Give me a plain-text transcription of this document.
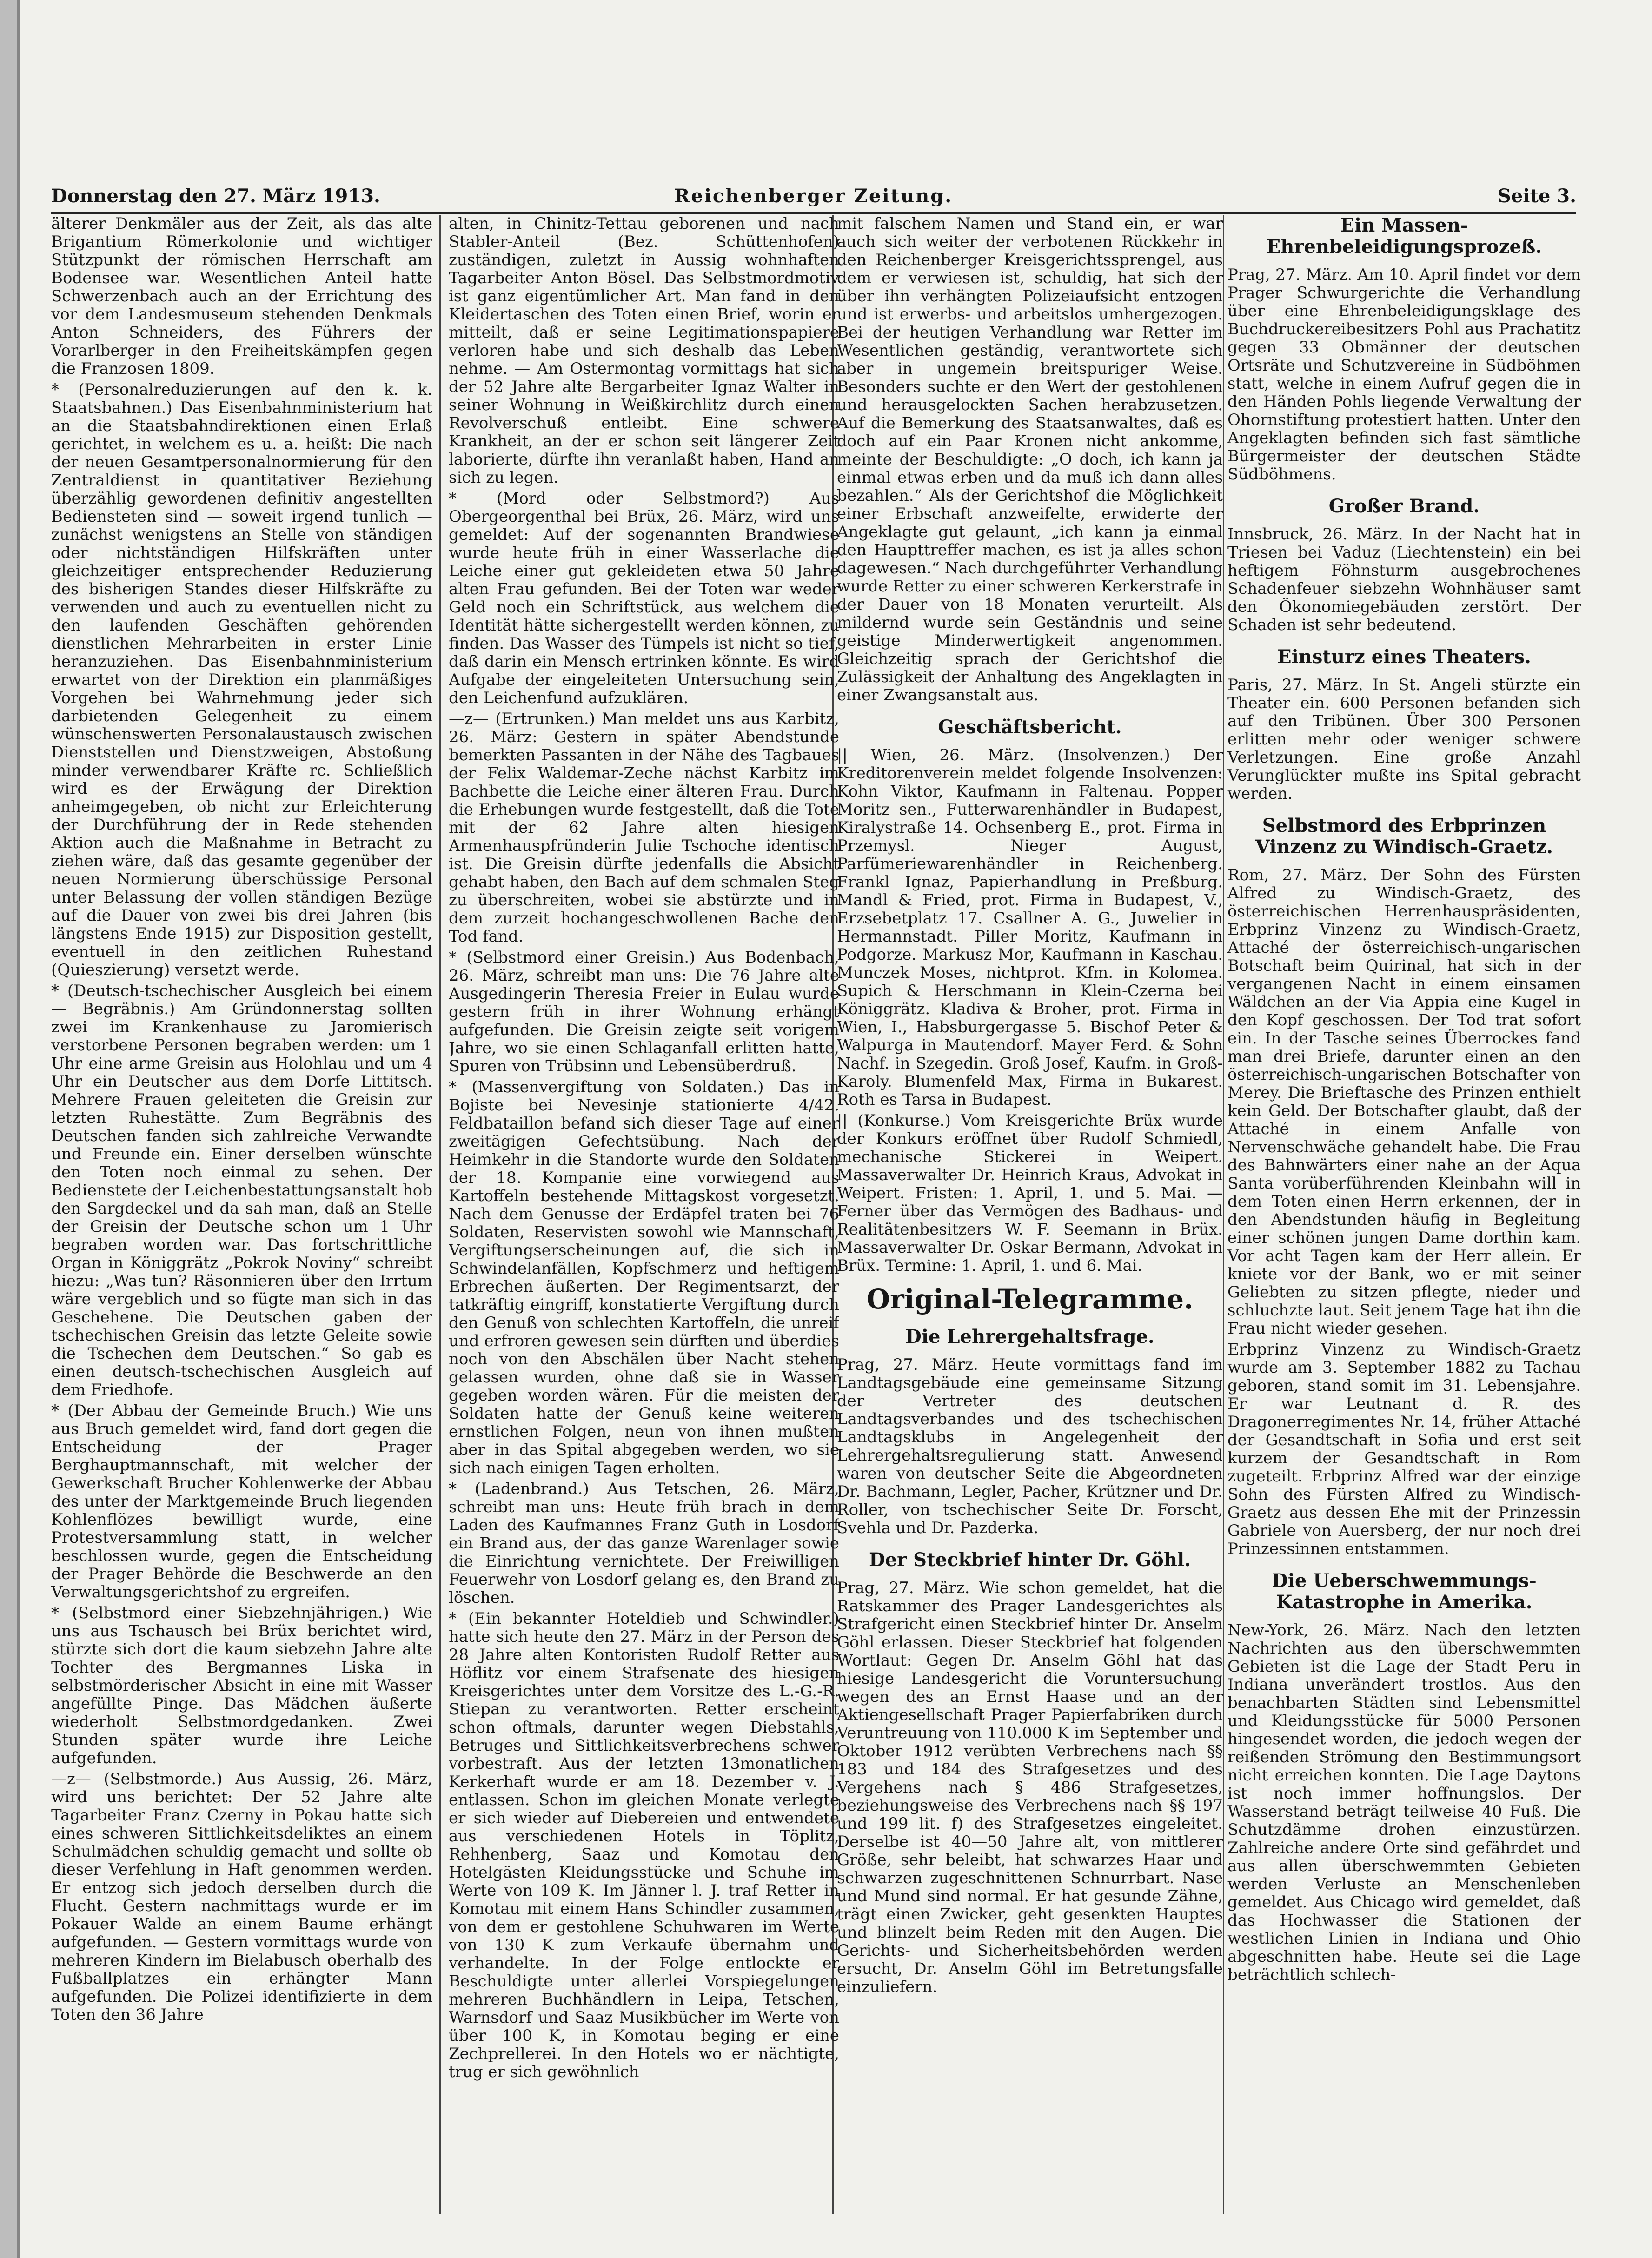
Donnerstag den 27. März 1913.	Reichenberger Zeitung.	Seite 3.

älterer Denkmäler aus der Zeit, als das alte Brigantium Römerkolonie und wichtiger Stützpunkt der römischen Herrschaft am Bodensee war. Wesentlichen Anteil hatte Schwerzenbach auch an der Errichtung des vor dem Landesmuseum stehenden Denkmals Anton Schneiders, des Führers der Vorarlberger in den Freiheitskämpfen gegen die Franzosen 1809.

* (Personalreduzierungen auf den k. k. Staatsbahnen.) Das Eisenbahnministerium hat an die Staatsbahndirektionen einen Erlaß gerichtet, in welchem es u. a. heißt: Die nach der neuen Gesamtpersonalnormierung für den Zentraldienst in quantitativer Beziehung überzählig gewordenen definitiv angestellten Bediensteten sind — soweit irgend tunlich — zunächst wenigstens an Stelle von ständigen oder nichtständigen Hilfskräften unter gleichzeitiger entsprechender Reduzierung des bisherigen Standes dieser Hilfskräfte zu verwenden und auch zu eventuellen nicht zu den laufenden Geschäften gehörenden dienstlichen Mehrarbeiten in erster Linie heranzuziehen. Das Eisenbahnministerium erwartet von der Direktion ein planmäßiges Vorgehen bei Wahrnehmung jeder sich darbietenden Gelegenheit zu einem wünschenswerten Personalaustausch zwischen Dienststellen und Dienstzweigen, Abstoßung minder verwendbarer Kräfte rc. Schließlich wird es der Erwägung der Direktion anheimgegeben, ob nicht zur Erleichterung der Durchführung der in Rede stehenden Aktion auch die Maßnahme in Betracht zu ziehen wäre, daß das gesamte gegenüber der neuen Normierung überschüssige Personal unter Belassung der vollen ständigen Bezüge auf die Dauer von zwei bis drei Jahren (bis längstens Ende 1915) zur Disposition gestellt, eventuell in den zeitlichen Ruhestand (Quieszierung) versetzt werde.

* (Deutsch-tschechischer Ausgleich bei einem — Begräbnis.) Am Gründonnerstag sollten zwei im Krankenhause zu Jaromierisch verstorbene Personen begraben werden: um 1 Uhr eine arme Greisin aus Holohlau und um 4 Uhr ein Deutscher aus dem Dorfe Littitsch. Mehrere Frauen geleiteten die Greisin zur letzten Ruhestätte. Zum Begräbnis des Deutschen fanden sich zahlreiche Verwandte und Freunde ein. Einer derselben wünschte den Toten noch einmal zu sehen. Der Bedienstete der Leichenbestattungsanstalt hob den Sargdeckel und da sah man, daß an Stelle der Greisin der Deutsche schon um 1 Uhr begraben worden war. Das fortschrittliche Organ in Königgrätz „Pokrok Noviny“ schreibt hiezu: „Was tun? Räsonnieren über den Irrtum wäre vergeblich und so fügte man sich in das Geschehene. Die Deutschen gaben der tschechischen Greisin das letzte Geleite sowie die Tschechen dem Deutschen.“ So gab es einen deutsch-tschechischen Ausgleich auf dem Friedhofe.

* (Der Abbau der Gemeinde Bruch.) Wie uns aus Bruch gemeldet wird, fand dort gegen die Entscheidung der Prager Berghauptmannschaft, mit welcher der Gewerkschaft Brucher Kohlenwerke der Abbau des unter der Marktgemeinde Bruch liegenden Kohlenflözes bewilligt wurde, eine Protestversammlung statt, in welcher beschlossen wurde, gegen die Entscheidung der Prager Behörde die Beschwerde an den Verwaltungsgerichtshof zu ergreifen.

* (Selbstmord einer Siebzehnjährigen.) Wie uns aus Tschausch bei Brüx berichtet wird, stürzte sich dort die kaum siebzehn Jahre alte Tochter des Bergmannes Liska in selbstmörderischer Absicht in eine mit Wasser angefüllte Pinge. Das Mädchen äußerte wiederholt Selbstmordgedanken. Zwei Stunden später wurde ihre Leiche aufgefunden.

—z— (Selbstmorde.) Aus Aussig, 26. März, wird uns berichtet: Der 52 Jahre alte Tagarbeiter Franz Czerny in Pokau hatte sich eines schweren Sittlichkeitsdeliktes an einem Schulmädchen schuldig gemacht und sollte ob dieser Verfehlung in Haft genommen werden. Er entzog sich jedoch derselben durch die Flucht. Gestern nachmittags wurde er im Pokauer Walde an einem Baume erhängt aufgefunden. — Gestern vormittags wurde von mehreren Kindern im Bielabusch oberhalb des Fußballplatzes ein erhängter Mann aufgefunden. Die Polizei identifizierte in dem Toten den 36 Jahre

alten, in Chinitz-Tettau geborenen und nach Stabler-Anteil (Bez. Schüttenhofen) zuständigen, zuletzt in Aussig wohnhaften Tagarbeiter Anton Bösel. Das Selbstmordmotiv ist ganz eigentümlicher Art. Man fand in den Kleidertaschen des Toten einen Brief, worin er mitteilt, daß er seine Legitimationspapiere verloren habe und sich deshalb das Leben nehme. — Am Ostermontag vormittags hat sich der 52 Jahre alte Bergarbeiter Ignaz Walter in seiner Wohnung in Weißkirchlitz durch einen Revolverschuß entleibt. Eine schwere Krankheit, an der er schon seit längerer Zeit laborierte, dürfte ihn veranlaßt haben, Hand an sich zu legen.

* (Mord oder Selbstmord?) Aus Obergeorgenthal bei Brüx, 26. März, wird uns gemeldet: Auf der sogenannten Brandwiese wurde heute früh in einer Wasserlache die Leiche einer gut gekleideten etwa 50 Jahre alten Frau gefunden. Bei der Toten war weder Geld noch ein Schriftstück, aus welchem die Identität hätte sichergestellt werden können, zu finden. Das Wasser des Tümpels ist nicht so tief, daß darin ein Mensch ertrinken könnte. Es wird Aufgabe der eingeleiteten Untersuchung sein, den Leichenfund aufzuklären.

—z— (Ertrunken.) Man meldet uns aus Karbitz, 26. März: Gestern in später Abendstunde bemerkten Passanten in der Nähe des Tagbaues der Felix Waldemar-Zeche nächst Karbitz im Bachbette die Leiche einer älteren Frau. Durch die Erhebungen wurde festgestellt, daß die Tote mit der 62 Jahre alten hiesigen Armenhauspfründerin Julie Tschoche identisch ist. Die Greisin dürfte jedenfalls die Absicht gehabt haben, den Bach auf dem schmalen Steg zu überschreiten, wobei sie abstürzte und in dem zurzeit hochangeschwollenen Bache den Tod fand.

* (Selbstmord einer Greisin.) Aus Bodenbach, 26. März, schreibt man uns: Die 76 Jahre alte Ausgedingerin Theresia Freier in Eulau wurde gestern früh in ihrer Wohnung erhängt aufgefunden. Die Greisin zeigte seit vorigem Jahre, wo sie einen Schlaganfall erlitten hatte, Spuren von Trübsinn und Lebensüberdruß.

* (Massenvergiftung von Soldaten.) Das in Bojiste bei Nevesinje stationierte 4/42. Feldbataillon befand sich dieser Tage auf einer zweitägigen Gefechtsübung. Nach der Heimkehr in die Standorte wurde den Soldaten der 18. Kompanie eine vorwiegend aus Kartoffeln bestehende Mittagskost vorgesetzt. Nach dem Genusse der Erdäpfel traten bei 76 Soldaten, Reservisten sowohl wie Mannschaft, Vergiftungserscheinungen auf, die sich in Schwindelanfällen, Kopfschmerz und heftigem Erbrechen äußerten. Der Regimentsarzt, der tatkräftig eingriff, konstatierte Vergiftung durch den Genuß von schlechten Kartoffeln, die unreif und erfroren gewesen sein dürften und überdies noch von den Abschälen über Nacht stehen gelassen wurden, ohne daß sie in Wasser gegeben worden wären. Für die meisten der Soldaten hatte der Genuß keine weiteren ernstlichen Folgen, neun von ihnen mußten aber in das Spital abgegeben werden, wo sie sich nach einigen Tagen erholten.

* (Ladenbrand.) Aus Tetschen, 26. März, schreibt man uns: Heute früh brach in dem Laden des Kaufmannes Franz Guth in Losdorf ein Brand aus, der das ganze Warenlager sowie die Einrichtung vernichtete. Der Freiwilligen Feuerwehr von Losdorf gelang es, den Brand zu löschen.

* (Ein bekannter Hoteldieb und Schwindler.) hatte sich heute den 27. März in der Person des 28 Jahre alten Kontoristen Rudolf Retter aus Höflitz vor einem Strafsenate des hiesigen Kreisgerichtes unter dem Vorsitze des L.-G.-R. Stiepan zu verantworten. Retter erscheint schon oftmals, darunter wegen Diebstahls, Betruges und Sittlichkeitsverbrechens schwer vorbestraft. Aus der letzten 13monatlichen Kerkerhaft wurde er am 18. Dezember v. J. entlassen. Schon im gleichen Monate verlegte er sich wieder auf Diebereien und entwendete aus verschiedenen Hotels in Töplitz, Rehhenberg, Saaz und Komotau den Hotelgästen Kleidungsstücke und Schuhe im Werte von 109 K. Im Jänner l. J. traf Retter in Komotau mit einem Hans Schindler zusammen, von dem er gestohlene Schuhwaren im Werte von 130 K zum Verkaufe übernahm und verhandelte. In der Folge entlockte er Beschuldigte unter allerlei Vorspiegelungen mehreren Buchhändlern in Leipa, Tetschen, Warnsdorf und Saaz Musikbücher im Werte von über 100 K, in Komotau beging er eine Zechprellerei. In den Hotels wo er nächtigte, trug er sich gewöhnlich

mit falschem Namen und Stand ein, er war auch sich weiter der verbotenen Rückkehr in den Reichenberger Kreisgerichtssprengel, aus dem er verwiesen ist, schuldig, hat sich der über ihn verhängten Polizeiaufsicht entzogen und ist erwerbs- und arbeitslos umhergezogen. Bei der heutigen Verhandlung war Retter im Wesentlichen geständig, verantwortete sich aber in ungemein breitspuriger Weise. Besonders suchte er den Wert der gestohlenen und herausgelockten Sachen herabzusetzen. Auf die Bemerkung des Staatsanwaltes, daß es doch auf ein Paar Kronen nicht ankomme, meinte der Beschuldigte: „O doch, ich kann ja einmal etwas erben und da muß ich dann alles bezahlen.“ Als der Gerichtshof die Möglichkeit einer Erbschaft anzweifelte, erwiderte der Angeklagte gut gelaunt, „ich kann ja einmal den Haupttreffer machen, es ist ja alles schon dagewesen.“ Nach durchgeführter Verhandlung wurde Retter zu einer schweren Kerkerstrafe in der Dauer von 18 Monaten verurteilt. Als mildernd wurde sein Geständnis und seine geistige Minderwertigkeit angenommen. Gleichzeitig sprach der Gerichtshof die Zulässigkeit der Anhaltung des Angeklagten in einer Zwangsanstalt aus.

Geschäftsbericht.

|| Wien, 26. März. (Insolvenzen.) Der Kreditorenverein meldet folgende Insolvenzen: Kohn Viktor, Kaufmann in Faltenau. Popper Moritz sen., Futterwarenhändler in Budapest, Kiralystraße 14. Ochsenberg E., prot. Firma in Przemysl. Nieger August, Parfümeriewarenhändler in Reichenberg. Frankl Ignaz, Papierhandlung in Preßburg. Mandl & Fried, prot. Firma in Budapest, V., Erzsebetplatz 17. Csallner A. G., Juwelier in Hermannstadt. Piller Moritz, Kaufmann in Podgorze. Markusz Mor, Kaufmann in Kaschau. Munczek Moses, nichtprot. Kfm. in Kolomea. Supich & Herschmann in Klein-Czerna bei Königgrätz. Kladiva & Broher, prot. Firma in Wien, I., Habsburgergasse 5. Bischof Peter & Walpurga in Mautendorf. Mayer Ferd. & Sohn Nachf. in Szegedin. Groß Josef, Kaufm. in Groß-Karoly. Blumenfeld Max, Firma in Bukarest. Roth es Tarsa in Budapest.

|| (Konkurse.) Vom Kreisgerichte Brüx wurde der Konkurs eröffnet über Rudolf Schmiedl, mechanische Stickerei in Weipert. Massaverwalter Dr. Heinrich Kraus, Advokat in Weipert. Fristen: 1. April, 1. und 5. Mai. — Ferner über das Vermögen des Badhaus- und Realitätenbesitzers W. F. Seemann in Brüx. Massaverwalter Dr. Oskar Bermann, Advokat in Brüx. Termine: 1. April, 1. und 6. Mai.

Original-Telegramme.
Die Lehrergehaltsfrage.

Prag, 27. März. Heute vormittags fand im Landtagsgebäude eine gemeinsame Sitzung der Vertreter des deutschen Landtagsverbandes und des tschechischen Landtagsklubs in Angelegenheit der Lehrergehaltsregulierung statt. Anwesend waren von deutscher Seite die Abgeordneten Dr. Bachmann, Legler, Pacher, Krützner und Dr. Roller, von tschechischer Seite Dr. Forscht, Svehla und Dr. Pazderka.

Der Steckbrief hinter Dr. Göhl.

Prag, 27. März. Wie schon gemeldet, hat die Ratskammer des Prager Landesgerichtes als Strafgericht einen Steckbrief hinter Dr. Anselm Göhl erlassen. Dieser Steckbrief hat folgenden Wortlaut: Gegen Dr. Anselm Göhl hat das hiesige Landesgericht die Voruntersuchung wegen des an Ernst Haase und an der Aktiengesellschaft Prager Papierfabriken durch Veruntreuung von 110.000 K im September und Oktober 1912 verübten Verbrechens nach §§ 183 und 184 des Strafgesetzes und des Vergehens nach § 486 Strafgesetzes, beziehungsweise des Verbrechens nach §§ 197 und 199 lit. f) des Strafgesetzes eingeleitet. Derselbe ist 40—50 Jahre alt, von mittlerer Größe, sehr beleibt, hat schwarzes Haar und schwarzen zugeschnittenen Schnurrbart. Nase und Mund sind normal. Er hat gesunde Zähne, trägt einen Zwicker, geht gesenkten Hauptes und blinzelt beim Reden mit den Augen. Die Gerichts- und Sicherheitsbehörden werden ersucht, Dr. Anselm Göhl im Betretungsfalle einzuliefern.

Ein Massen-Ehrenbeleidigungsprozeß.

Prag, 27. März. Am 10. April findet vor dem Prager Schwurgerichte die Verhandlung über eine Ehrenbeleidigungsklage des Buchdruckereibesitzers Pohl aus Prachatitz gegen 33 Obmänner der deutschen Ortsräte und Schutzvereine in Südböhmen statt, welche in einem Aufruf gegen die in den Händen Pohls liegende Verwaltung der Ohornstiftung protestiert hatten. Unter den Angeklagten befinden sich fast sämtliche Bürgermeister der deutschen Städte Südböhmens.

Großer Brand.

Innsbruck, 26. März. In der Nacht hat in Triesen bei Vaduz (Liechtenstein) ein bei heftigem Föhnsturm ausgebrochenes Schadenfeuer siebzehn Wohnhäuser samt den Ökonomiegebäuden zerstört. Der Schaden ist sehr bedeutend.

Einsturz eines Theaters.

Paris, 27. März. In St. Angeli stürzte ein Theater ein. 600 Personen befanden sich auf den Tribünen. Über 300 Personen erlitten mehr oder weniger schwere Verletzungen. Eine große Anzahl Verunglückter mußte ins Spital gebracht werden.

Selbstmord des Erbprinzen Vinzenz zu Windisch-Graetz.

Rom, 27. März. Der Sohn des Fürsten Alfred zu Windisch-Graetz, des österreichischen Herrenhauspräsidenten, Erbprinz Vinzenz zu Windisch-Graetz, Attaché der österreichisch-ungarischen Botschaft beim Quirinal, hat sich in der vergangenen Nacht in einem einsamen Wäldchen an der Via Appia eine Kugel in den Kopf geschossen. Der Tod trat sofort ein. In der Tasche seines Überrockes fand man drei Briefe, darunter einen an den österreichisch-ungarischen Botschafter von Merey. Die Brieftasche des Prinzen enthielt kein Geld. Der Botschafter glaubt, daß der Attaché in einem Anfalle von Nervenschwäche gehandelt habe. Die Frau des Bahnwärters einer nahe an der Aqua Santa vorüberführenden Kleinbahn will in dem Toten einen Herrn erkennen, der in den Abendstunden häufig in Begleitung einer schönen jungen Dame dorthin kam. Vor acht Tagen kam der Herr allein. Er kniete vor der Bank, wo er mit seiner Geliebten zu sitzen pflegte, nieder und schluchzte laut. Seit jenem Tage hat ihn die Frau nicht wieder gesehen.

Erbprinz Vinzenz zu Windisch-Graetz wurde am 3. September 1882 zu Tachau geboren, stand somit im 31. Lebensjahre. Er war Leutnant d. R. des Dragonerregimentes Nr. 14, früher Attaché der Gesandtschaft in Sofia und erst seit kurzem der Gesandtschaft in Rom zugeteilt. Erbprinz Alfred war der einzige Sohn des Fürsten Alfred zu Windisch-Graetz aus dessen Ehe mit der Prinzessin Gabriele von Auersberg, der nur noch drei Prinzessinnen entstammen.

Die Ueberschwemmungs-Katastrophe in Amerika.

New-York, 26. März. Nach den letzten Nachrichten aus den überschwemmten Gebieten ist die Lage der Stadt Peru in Indiana unverändert trostlos. Aus den benachbarten Städten sind Lebensmittel und Kleidungsstücke für 5000 Personen hingesendet worden, die jedoch wegen der reißenden Strömung den Bestimmungsort nicht erreichen konnten. Die Lage Daytons ist noch immer hoffnungslos. Der Wasserstand beträgt teilweise 40 Fuß. Die Schutzdämme drohen einzustürzen. Zahlreiche andere Orte sind gefährdet und aus allen überschwemmten Gebieten werden Verluste an Menschenleben gemeldet. Aus Chicago wird gemeldet, daß das Hochwasser die Stationen der westlichen Linien in Indiana und Ohio abgeschnitten habe. Heute sei die Lage beträchtlich schlech-
